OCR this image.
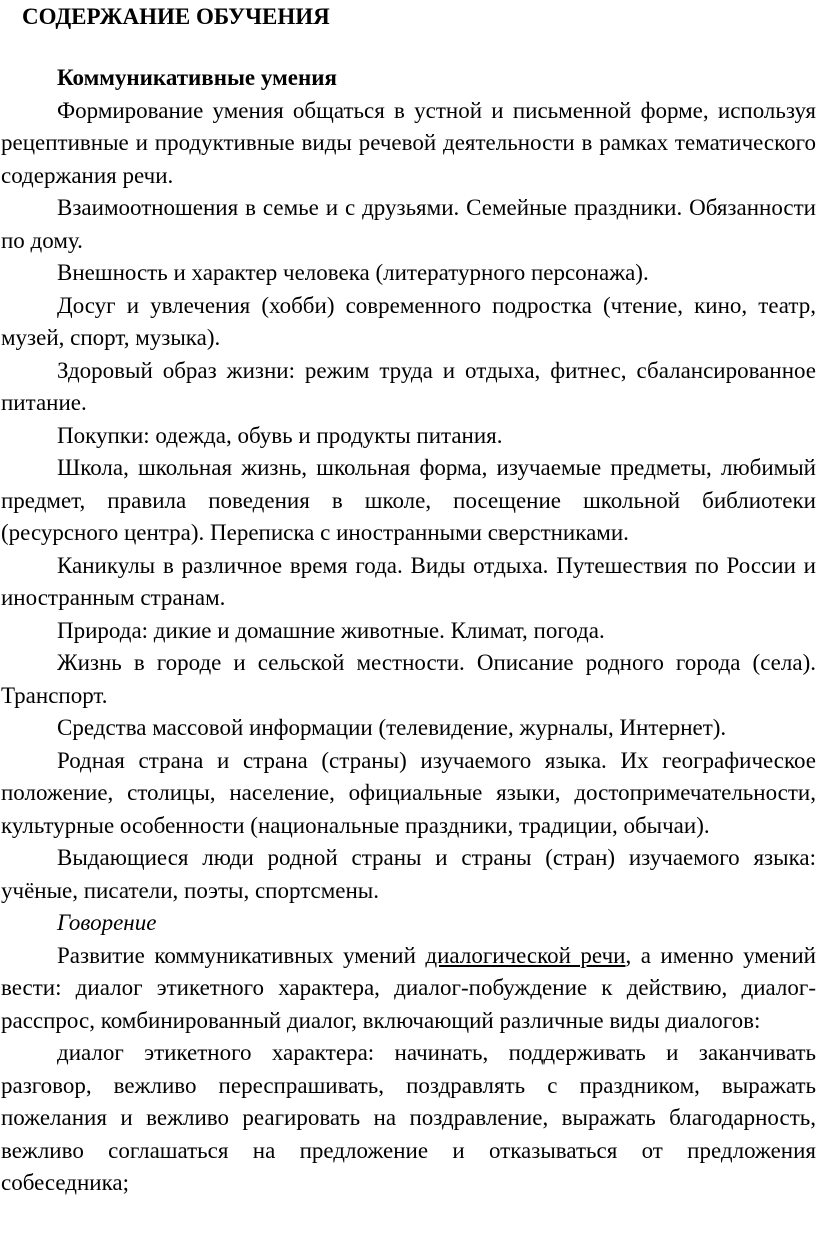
СОДЕРЖАНИЕ ОБУЧЕНИЯ

Коммуникативные умения

Формирование умения общаться в устной и письменной форме, используя рецептивные и продуктивные виды речевой деятельности в рамках тематического содержания речи.

Взаимоотношения в семье и с друзьями. Семейные праздники. Обязанности по дому.

Внешность и характер человека (литературного персонажа).

Досуг и увлечения (хобби) современного подростка (чтение, кино, театр, музей, спорт, музыка).

Здоровый образ жизни: режим труда и отдыха, фитнес, сбалансированное питание.

Покупки: одежда, обувь и продукты питания.

Школа, школьная жизнь, школьная форма, изучаемые предметы, любимый предмет, правила поведения в школе, посещение школьной библиотеки (ресурсного центра). Переписка с иностранными сверстниками.

Каникулы в различное время года. Виды отдыха. Путешествия по России и иностранным странам.

Природа: дикие и домашние животные. Климат, погода.

Жизнь в городе и сельской местности. Описание родного города (села). Транспорт.

Средства массовой информации (телевидение, журналы, Интернет).

Родная страна и страна (страны) изучаемого языка. Их географическое положение, столицы, население, официальные языки, достопримечательности, культурные особенности (национальные праздники, традиции, обычаи).

Выдающиеся люди родной страны и страны (стран) изучаемого языка: учёные, писатели, поэты, спортсмены.

Говорение

Развитие коммуникативных умений диалогической речи, а именно умений вести: диалог этикетного характера, диалог-побуждение к действию, диалог-расспрос, комбинированный диалог, включающий различные виды диалогов:

диалог этикетного характера: начинать, поддерживать и заканчивать разговор, вежливо переспрашивать, поздравлять с праздником, выражать пожелания и вежливо реагировать на поздравление, выражать благодарность, вежливо соглашаться на предложение и отказываться от предложения собеседника;
